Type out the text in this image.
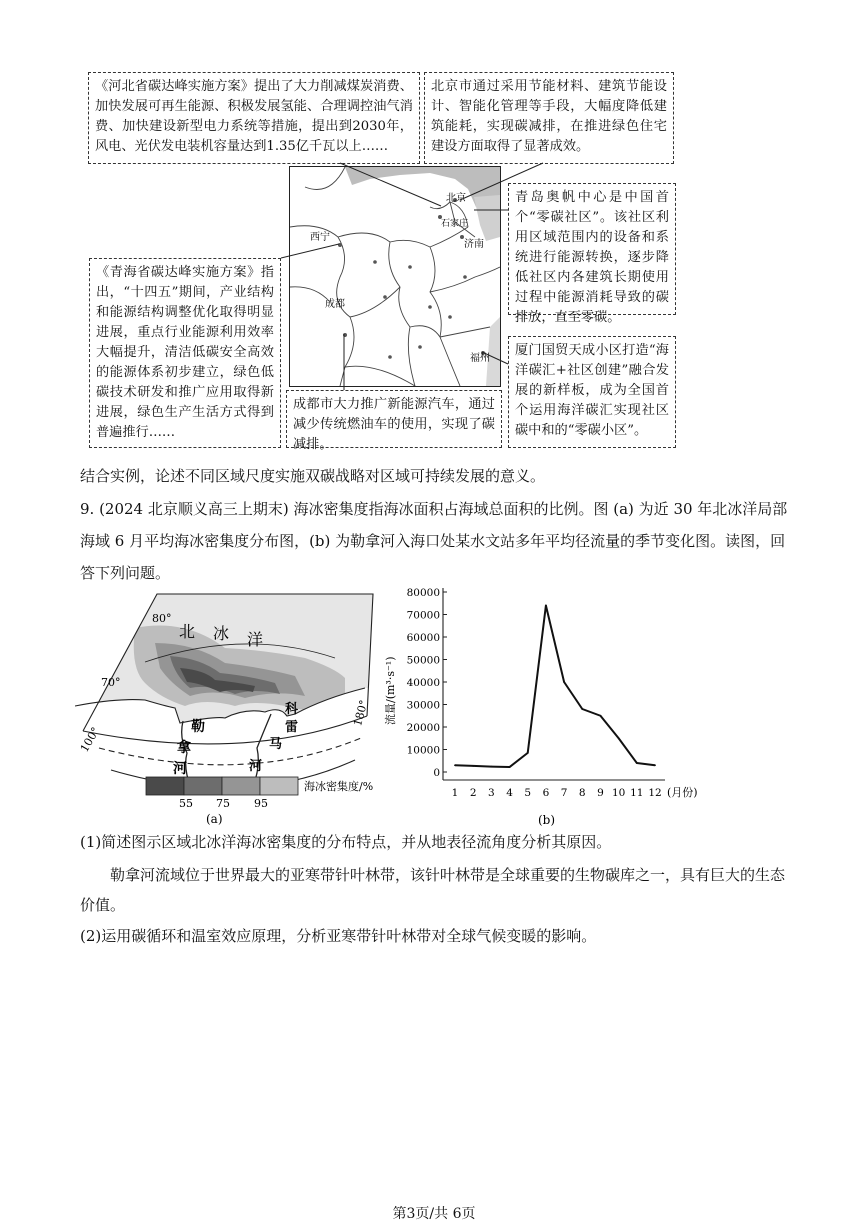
《河北省碳达峰实施方案》提出了大力削减煤炭消费、加快发展可再生能源、积极发展氢能、合理调控油气消费、加快建设新型电力系统等措施，提出到2030年，风电、光伏发电装机容量达到1.35亿千瓦以上……
北京市通过采用节能材料、建筑节能设计、智能化管理等手段，大幅度降低建筑能耗，实现碳减排，在推进绿色住宅建设方面取得了显著成效。
青岛奥帆中心是中国首个“零碳社区”。该社区利用区域范围内的设备和系统进行能源转换，逐步降低社区内各建筑长期使用过程中能源消耗导致的碳排放，直至零碳。
《青海省碳达峰实施方案》指出，“十四五”期间，产业结构和能源结构调整优化取得明显进展，重点行业能源利用效率大幅提升，清洁低碳安全高效的能源体系初步建立，绿色低碳技术研发和推广应用取得新进展，绿色生产生活方式得到普遍推行……
厦门国贸天成小区打造“海洋碳汇+社区创建”融合发展的新样板，成为全国首个运用海洋碳汇实现社区碳中和的“零碳小区”。
成都市大力推广新能源汽车，通过减少传统燃油车的使用，实现了碳减排。
北京
石家庄
西宁
济南
成都
福州
结合实例，论述不同区域尺度实施双碳战略对区域可持续发展的意义。
9. (2024 北京顺义高三上期末) 海冰密集度指海冰面积占海域总面积的比例。图 (a) 为近 30 年北冰洋局部海域 6 月平均海冰密集度分布图，(b) 为勒拿河入海口处某水文站多年平均径流量的季节变化图。读图，回答下列问题。
80°
70°
100°
180°
北 冰 洋
勒
拿
河
科
雷
马
河
海冰密集度/%
55 75 95
(a)
0
10000
20000
30000
40000
50000
60000
70000
80000
1 2 3 4 5 6 7 8 9 10 11 12
流量/(m³·s⁻¹)
(月份)
(b)
(1)简述图示区域北冰洋海冰密集度的分布特点，并从地表径流角度分析其原因。
勒拿河流域位于世界最大的亚寒带针叶林带，该针叶林带是全球重要的生物碳库之一，具有巨大的生态价值。
(2)运用碳循环和温室效应原理，分析亚寒带针叶林带对全球气候变暖的影响。
第3页/共 6页
